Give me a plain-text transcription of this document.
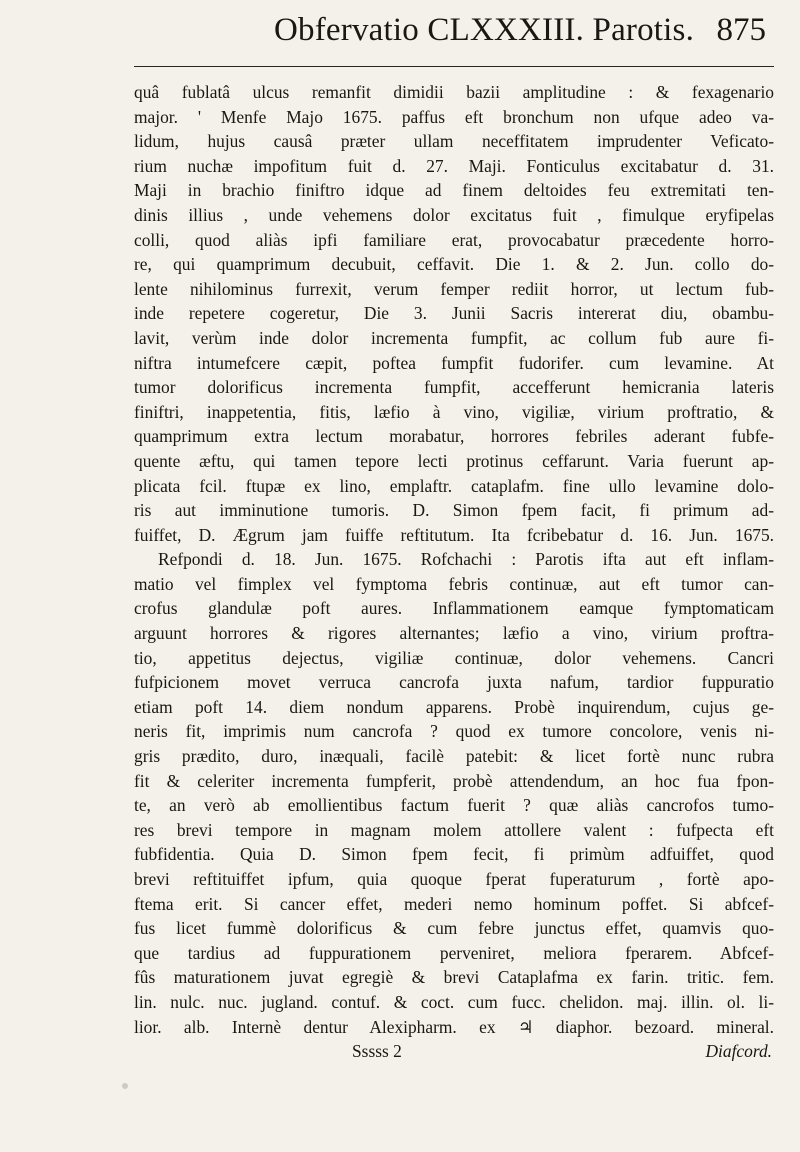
Obfervatio CLXXXIII. Parotis. 875
quâ fublatâ ulcus remanfit dimidii bazii amplitudine : & fexagenario
major. ' Menfe Majo 1675. paffus eft bronchum non ufque adeo va-
lidum, hujus causâ præter ullam neceffitatem imprudenter Veficato-
rium nuchæ impofitum fuit d. 27. Maji. Fonticulus excitabatur d. 31.
Maji in brachio finiftro idque ad finem deltoides feu extremitati ten-
dinis illius , unde vehemens dolor excitatus fuit , fimulque eryfipelas
colli, quod aliàs ipfi familiare erat, provocabatur præcedente horro-
re, qui quamprimum decubuit, ceffavit. Die 1. & 2. Jun. collo do-
lente nihilominus furrexit, verum femper rediit horror, ut lectum fub-
inde repetere cogeretur, Die 3. Junii Sacris intererat diu, obambu-
lavit, verùm inde dolor incrementa fumpfit, ac collum fub aure fi-
niftra intumefcere cæpit, poftea fumpfit fudorifer. cum levamine. At
tumor dolorificus incrementa fumpfit, accefferunt hemicrania lateris
finiftri, inappetentia, fitis, læfio à vino, vigiliæ, virium proftratio, &
quamprimum extra lectum morabatur, horrores febriles aderant fubfe-
quente æftu, qui tamen tepore lecti protinus ceffarunt. Varia fuerunt ap-
plicata fcil. ftupæ ex lino, emplaftr. cataplafm. fine ullo levamine dolo-
ris aut imminutione tumoris. D. Simon fpem facit, fi primum ad-
fuiffet, D. Ægrum jam fuiffe reftitutum. Ita fcribebatur d. 16. Jun. 1675.
Refpondi d. 18. Jun. 1675. Rofchachi : Parotis ifta aut eft inflam-
matio vel fimplex vel fymptoma febris continuæ, aut eft tumor can-
crofus glandulæ poft aures. Inflammationem eamque fymptomaticam
arguunt horrores & rigores alternantes; læfio a vino, virium proftra-
tio, appetitus dejectus, vigiliæ continuæ, dolor vehemens. Cancri
fufpicionem movet verruca cancrofa juxta nafum, tardior fuppuratio
etiam poft 14. diem nondum apparens. Probè inquirendum, cujus ge-
neris fit, imprimis num cancrofa ? quod ex tumore concolore, venis ni-
gris prædito, duro, inæquali, facilè patebit: & licet fortè nunc rubra
fit & celeriter incrementa fumpferit, probè attendendum, an hoc fua fpon-
te, an verò ab emollientibus factum fuerit ? quæ aliàs cancrofos tumo-
res brevi tempore in magnam molem attollere valent : fufpecta eft
fubfidentia. Quia D. Simon fpem fecit, fi primùm adfuiffet, quod
brevi reftituiffet ipfum, quia quoque fperat fuperaturum , fortè apo-
ftema erit. Si cancer effet, mederi nemo hominum poffet. Si abfcef-
fus licet fummè dolorificus & cum febre junctus effet, quamvis quo-
que tardius ad fuppurationem perveniret, meliora fperarem. Abfcef-
fûs maturationem juvat egregiè & brevi Cataplafma ex farin. tritic. fem.
lin. nulc. nuc. jugland. contuf. & coct. cum fucc. chelidon. maj. illin. ol. li-
lior. alb. Internè dentur Alexipharm. ex ♃ diaphor. bezoard. mineral.
Sssss 2	Diafcord.
